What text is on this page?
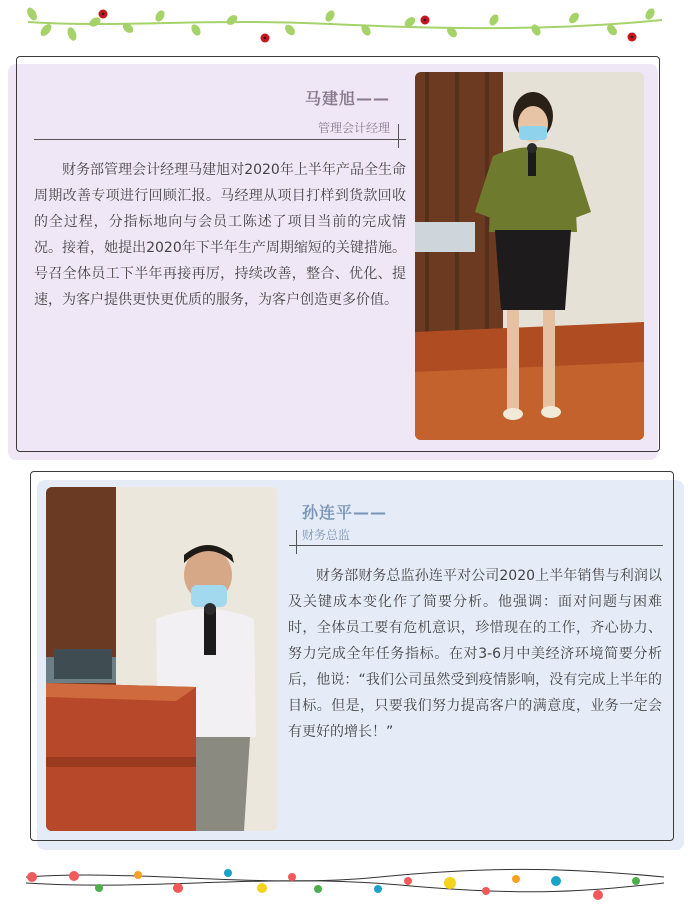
马建旭——
管理会计经理
财务部管理会计经理马建旭对2020年上半年产品全生命周期改善专项进行回顾汇报。马经理从项目打样到货款回收的全过程，分指标地向与会员工陈述了项目当前的完成情况。接着，她提出2020年下半年生产周期缩短的关键措施。号召全体员工下半年再接再厉，持续改善，整合、优化、提速，为客户提供更快更优质的服务，为客户创造更多价值。
孙连平——
财务总监
财务部财务总监孙连平对公司2020上半年销售与利润以及关键成本变化作了简要分析。他强调：面对问题与困难时，全体员工要有危机意识，珍惜现在的工作，齐心协力、努力完成全年任务指标。在对3-6月中美经济环境简要分析后，他说：“我们公司虽然受到疫情影响，没有完成上半年的目标。但是，只要我们努力提高客户的满意度，业务一定会有更好的增长！”
